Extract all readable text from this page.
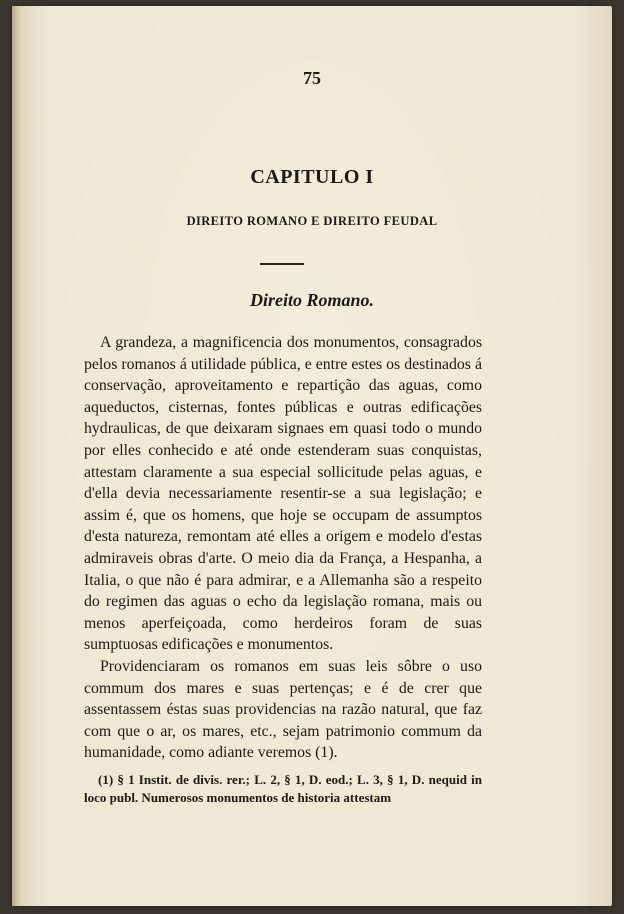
75
CAPITULO I
DIREITO ROMANO E DIREITO FEUDAL
Direito Romano.

A grandeza, a magnificencia dos monumentos, consagrados pelos romanos á utilidade pública, e entre estes os destinados á conservação, aproveitamento e repartição das aguas, como aqueductos, cisternas, fontes públicas e outras edificações hydraulicas, de que deixaram signaes em quasi todo o mundo por elles conhecido e até onde estenderam suas conquistas, attestam claramente a sua especial sollicitude pelas aguas, e d'ella devia necessariamente resentir-se a sua legislação; e assim é, que os homens, que hoje se occupam de assumptos d'esta natureza, remontam até elles a origem e modelo d'estas admiraveis obras d'arte. O meio dia da França, a Hespanha, a Italia, o que não é para admirar, e a Allemanha são a respeito do regimen das aguas o echo da legislação romana, mais ou menos aperfeiçoada, como herdeiros foram de suas sumptuosas edificações e monumentos.

Providenciaram os romanos em suas leis sôbre o uso commum dos mares e suas pertenças; e é de crer que assentassem éstas suas providencias na razão natural, que faz com que o ar, os mares, etc., sejam patrimonio commum da humanidade, como adiante veremos (1).

(1) § 1 Instit. de divis. rer.; L. 2, § 1, D. eod.; L. 3, § 1, D. nequid in loco publ. Numerosos monumentos de historia attestam
